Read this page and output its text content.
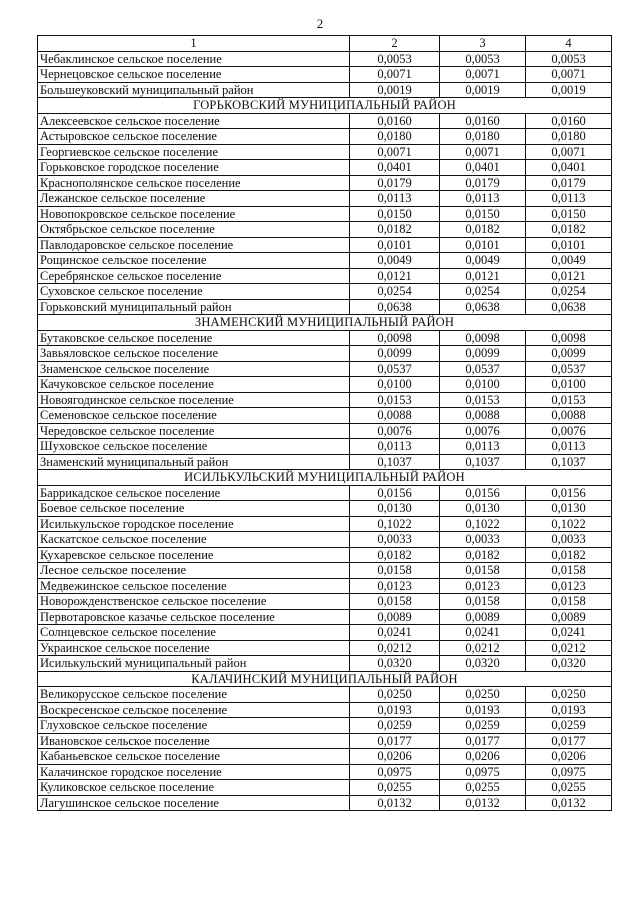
2
1	2	3	4
Чебаклинское сельское поселение	0,0053	0,0053	0,0053
Чернецовское сельское поселение	0,0071	0,0071	0,0071
Большеуковский муниципальный район	0,0019	0,0019	0,0019
ГОРЬКОВСКИЙ МУНИЦИПАЛЬНЫЙ РАЙОН			
Алексеевское сельское поселение	0,0160	0,0160	0,0160
Астыровское сельское поселение	0,0180	0,0180	0,0180
Георгиевское сельское поселение	0,0071	0,0071	0,0071
Горьковское городское поселение	0,0401	0,0401	0,0401
Краснополянское сельское поселение	0,0179	0,0179	0,0179
Лежанское сельское поселение	0,0113	0,0113	0,0113
Новопокровское сельское поселение	0,0150	0,0150	0,0150
Октябрьское сельское поселение	0,0182	0,0182	0,0182
Павлодаровское сельское поселение	0,0101	0,0101	0,0101
Рощинское сельское поселение	0,0049	0,0049	0,0049
Серебрянское сельское поселение	0,0121	0,0121	0,0121
Суховское сельское поселение	0,0254	0,0254	0,0254
Горьковский муниципальный район	0,0638	0,0638	0,0638
ЗНАМЕНСКИЙ МУНИЦИПАЛЬНЫЙ РАЙОН			
Бутаковское сельское поселение	0,0098	0,0098	0,0098
Завьяловское сельское поселение	0,0099	0,0099	0,0099
Знаменское сельское поселение	0,0537	0,0537	0,0537
Качуковское сельское поселение	0,0100	0,0100	0,0100
Новоягодинское сельское поселение	0,0153	0,0153	0,0153
Семеновское сельское поселение	0,0088	0,0088	0,0088
Чередовское сельское поселение	0,0076	0,0076	0,0076
Шуховское сельское поселение	0,0113	0,0113	0,0113
Знаменский муниципальный район	0,1037	0,1037	0,1037
ИСИЛЬКУЛЬСКИЙ МУНИЦИПАЛЬНЫЙ РАЙОН			
Баррикадское сельское поселение	0,0156	0,0156	0,0156
Боевое сельское поселение	0,0130	0,0130	0,0130
Исилькульское городское поселение	0,1022	0,1022	0,1022
Каскатское сельское поселение	0,0033	0,0033	0,0033
Кухаревское сельское поселение	0,0182	0,0182	0,0182
Лесное сельское поселение	0,0158	0,0158	0,0158
Медвежинское сельское поселение	0,0123	0,0123	0,0123
Новорожденственское сельское поселение	0,0158	0,0158	0,0158
Первотаровское казачье сельское поселение	0,0089	0,0089	0,0089
Солнцевское сельское поселение	0,0241	0,0241	0,0241
Украинское сельское поселение	0,0212	0,0212	0,0212
Исилькульский муниципальный район	0,0320	0,0320	0,0320
КАЛАЧИНСКИЙ МУНИЦИПАЛЬНЫЙ РАЙОН			
Великорусское сельское поселение	0,0250	0,0250	0,0250
Воскресенское сельское поселение	0,0193	0,0193	0,0193
Глуховское сельское поселение	0,0259	0,0259	0,0259
Ивановское сельское поселение	0,0177	0,0177	0,0177
Кабаньевское сельское поселение	0,0206	0,0206	0,0206
Калачинское городское поселение	0,0975	0,0975	0,0975
Куликовское сельское поселение	0,0255	0,0255	0,0255
Лагушинское сельское поселение	0,0132	0,0132	0,0132
